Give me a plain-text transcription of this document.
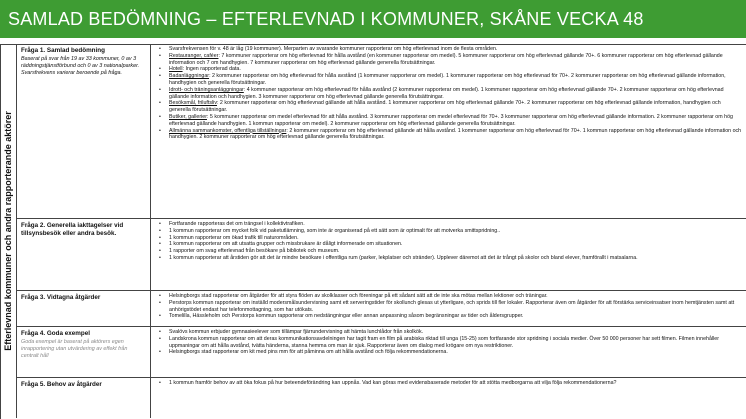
SAMLAD BEDÖMNING – EFTERLEVNAD I KOMMUNER, SKÅNE VECKA 48
Efterlevnad kommuner och andra rapporterande aktörer
Fråga 1. Samlad bedömning
Baserat på svar från 19 av 33 kommuner, 0 av 3 räddningstjänstförbund och 0 av 3 nationalparker. Svarsfrekvens varierar beroende på fråga.
• Svarsfrekvensen för v. 48 är låg (19 kommuner). Merparten av svarande kommuner rapporterar om hög efterlevnad inom de flesta områden.
• Restauranger, caféer: 7 kommuner rapporterar om hög efterlevnad för hålla avstånd (en kommuner rapporterar om medel). 5 kommuner rapporterar om hög efterlevnad gällande 70+. 6 kommuner rapporterar om hög efterlevnad gällande information och 7 om handhygien. 7 kommuner rapporterar om hög efterlevnad gällande generella förutsättningar.
• Hotell: Ingen rapporterad data.
• Badanläggningar: 2 kommuner rapporterar om hög efterlevnad för hålla avstånd (1 kommuner rapporterar om medel). 1 kommuner rapporterar om hög efterlevnad för 70+. 2 kommuner rapporterar om hög efterlevnad gällande information, handhygien och generella förutsättningar.
• Idrott- och träningsanläggningar: 4 kommuner rapporterar om hög efterlevnad för hålla avstånd (2 kommuner rapporterar om medel). 1 kommuner rapporterar om hög efterlevnad gällande 70+. 2 kommuner rapporterar om hög efterlevnad gällande information och handhygien. 3 kommuner rapporterar om hög efterlevnad gällande generella förutsättningar.
• Besöksmål, friluftsliv: 2 kommuner rapporterar om hög efterlevnad gällande att hålla avstånd. 1 kommuner rapporterar om hög efterlevnad gällande 70+. 2 kommuner rapporterar om hög efterlevnad gällande information, handhygien och generella förutsättningar.
• Butiker, gallerier: 5 kommuner rapporterar om medel efterlevnad för att hålla avstånd. 3 kommuner rapporterar om medel efterlevnad för 70+. 3 kommuner rapporterar om hög efterlevnad gällande information. 2 kommuner rapporterar om hög efterlevnad gällande handhygien. 1 kommun rapporterar om medel). 2 kommuner rapporterar om hög efterlevnad gällande generella förutsättningar.
• Allmänna sammankomster, offentliga tillställningar: 2 kommuner rapporterar om hög efterlevnad gällande att hålla avstånd. 1 kommuner rapporterar om hög efterlevnad för 70+. 1 kommun rapporterar om hög efterlevnad gällande information och handhygien. 2 kommuner rapporterar om hög efterlevnad gällande generella förutsättningar.
Fråga 2. Generella iakttagelser vid tillsynsbesök eller andra besök.
• Fortfarande rapporteras det om trängsel i kollektivtrafiken.
• 1 kommun rapporterar om mycket folk vid paketutlämning, som inte är organiserad på ett sätt som är optimalt för att motverka smittspridning..
• 1 kommun rapporterar om ökad trafik till naturområden.
• 1 kommun rapporterar om att utsatta grupper och missbrukare är dåligt informerade om situationen.
• 1 rapporter om svag efterlevnad från besökare på bibliotek och museum.
• 1 kommun rapporterar att årstiden gör att det är mindre besökare i offentliga rum (parker, lekplatser och stränder). Upplever däremot att det är trångt på skolor och bland elever, framförallt i matsalarna.
Fråga 3. Vidtagna åtgärder	• Helsingborgs stad rapporterar om åtgärder för att styra flöden av skolklasser och föreningar på ett sådant sätt att de inte ska mötas mellan lektioner och träningar.
• Perstorps kommun rapporterar om inställd modersmålsundervisning samt ett serveringstider för skollunch glesas ut ytterligare, och sprids till fler lokaler. Rapporterar även om åtgärder för att förstärka serviceinsatser inom hemtjänsten samt att anhörigstödet endast har telefonmottagning, som har utökats.
• Tomelilla, Hässleholm och Perstorps kommun rapporterar om nedstängningar eller annan anpassning såsom begränsningar av tider och åldersgrupper.
Fråga 4. Goda exempel
Goda exempel är baserat på aktörers egen inrapportering utan utvärdering av effekt från centralt håll
• Svalövs kommun erbjuder gymnasieelever som tillämpar fjärrundervisning att hämta lunchlådor från skolkök.
• Landskrona kommun rapporterar om att deras kommunikationsavdelningen har tagit fram en film på arabiska riktad till unga (15-25) som fortfarande stor spridning i sociala medier. Över 50 000 personer har sett filmen. Filmen innehåller uppmaningar om att hålla avstånd, tvätta händerna, stanna hemma om man är sjuk. Rapporterar även om dialog med krögare om nya restriktioner.
• Helsingborgs stad rapporterar om kit med pins mm för att påminna om att hålla avstånd och följa rekommendationerna.
Fråga 5. Behov av åtgärder	• 1 kommun framför behov av att öka fokus på hur beteendeförändring kan uppnås. Vad kan göras med evidensbaserade metoder för att stötta medborgarna att vilja följa rekommendationerna?
